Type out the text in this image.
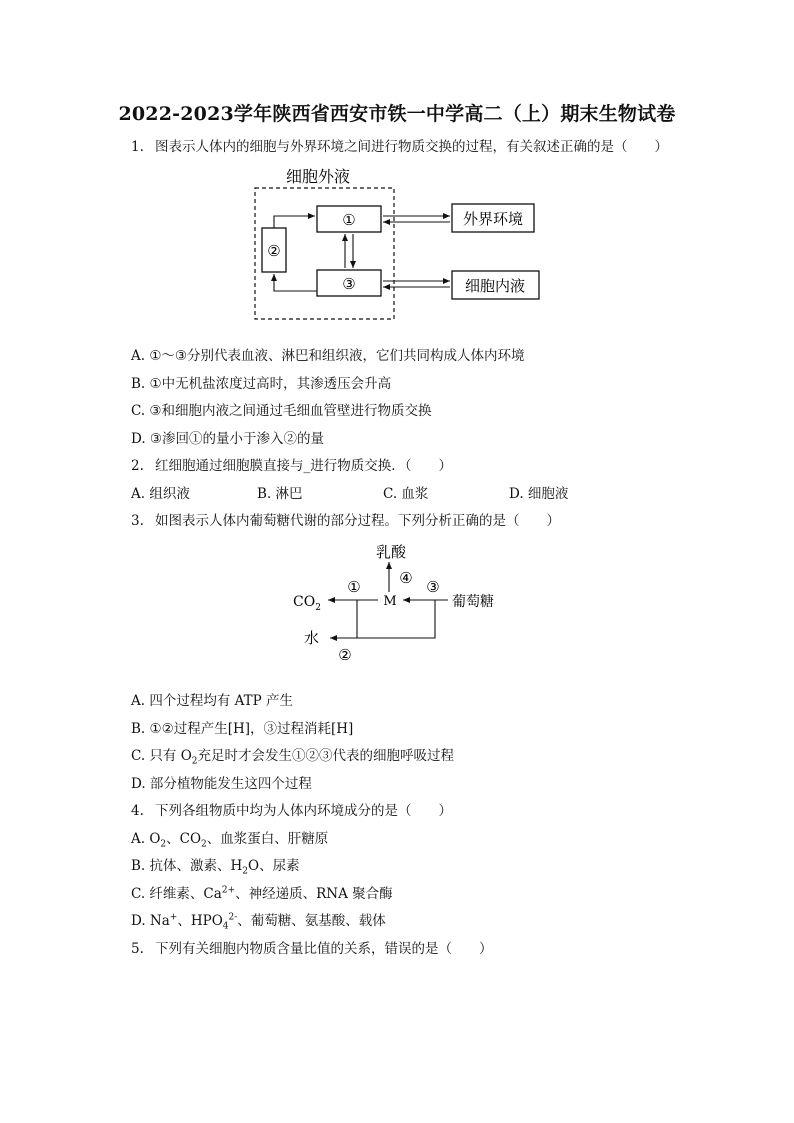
2022-2023学年陕西省西安市铁一中学高二（上）期末生物试卷
1. 图表示人体内的细胞与外界环境之间进行物质交换的过程，有关叙述正确的是（　　）
细胞外液
①
②
③
外界环境
细胞内液
A. ①～③分别代表血液、淋巴和组织液，它们共同构成人体内环境
B. ①中无机盐浓度过高时，其渗透压会升高
C. ③和细胞内液之间通过毛细血管壁进行物质交换
D. ③渗回①的量小于渗入②的量
2. 红细胞通过细胞膜直接与_进行物质交换．（　　）
A. 组织液	B. 淋巴	C. 血浆	D. 细胞液
3. 如图表示人体内葡萄糖代谢的部分过程。下列分析正确的是（　　）
乳酸
④
$CO_2$
①
M
③
葡萄糖
水
②
A. 四个过程均有 ATP 产生
B. ①②过程产生[H]，③过程消耗[H]
C. 只有 $O_2$充足时才会发生①②③代表的细胞呼吸过程
D. 部分植物能发生这四个过程
4. 下列各组物质中均为人体内环境成分的是（　　）
A. $O_2$、$CO_2$、血浆蛋白、肝糖原
B. 抗体、激素、$H_2O$、尿素
C. 纤维素、$Ca^{2+}$、神经递质、RNA 聚合酶
D. Na+、$HPO_4^{2-}$、葡萄糖、氨基酸、载体
5. 下列有关细胞内物质含量比值的关系，错误的是（　　）
